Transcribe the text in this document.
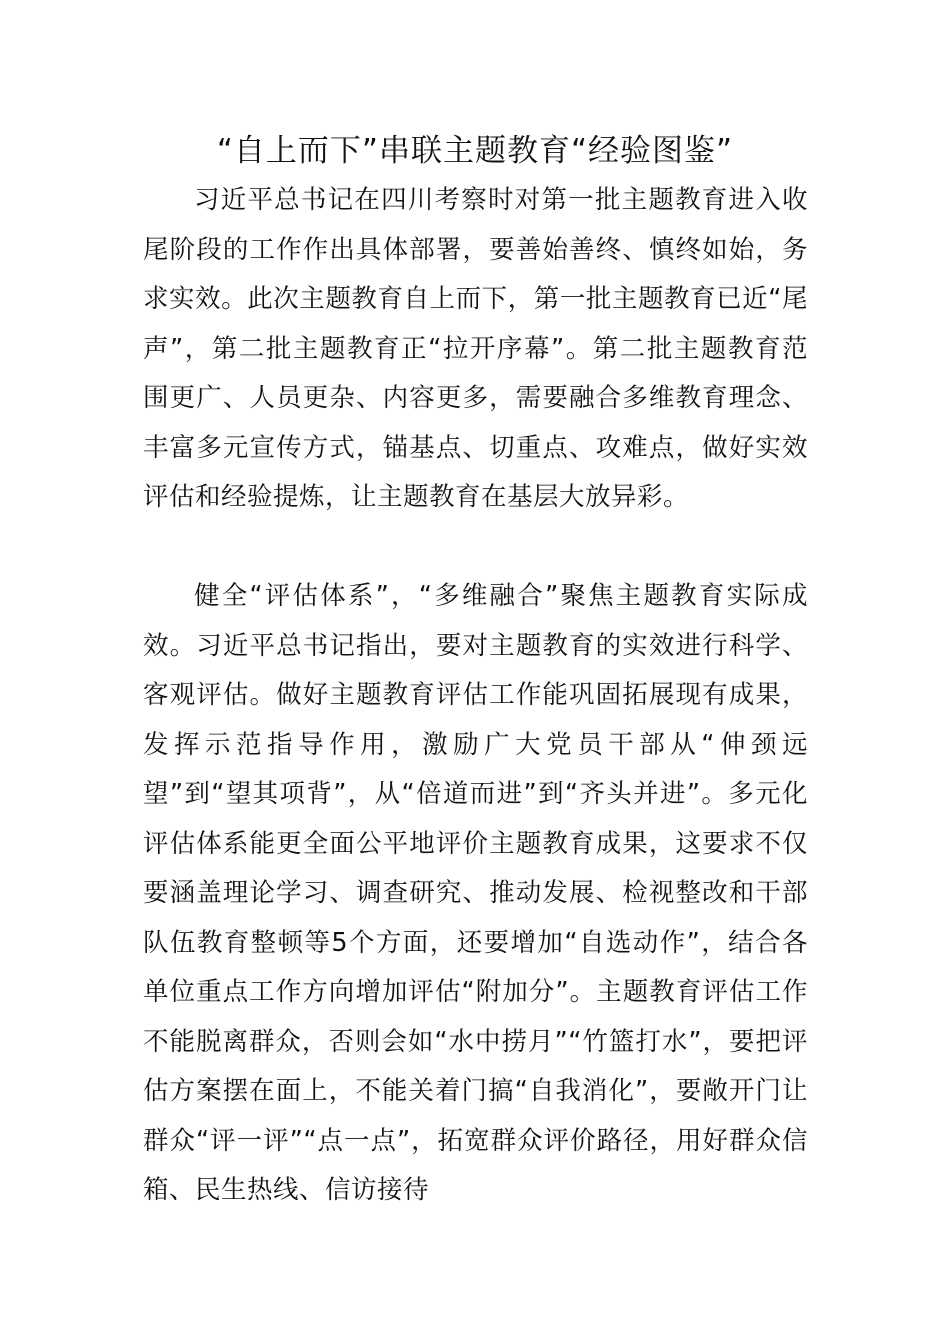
“自上而下”串联主题教育“经验图鉴”

习近平总书记在四川考察时对第一批主题教育进入收尾阶段的工作作出具体部署，要善始善终、慎终如始，务求实效。此次主题教育自上而下，第一批主题教育已近“尾声”，第二批主题教育正“拉开序幕”。第二批主题教育范围更广、人员更杂、内容更多，需要融合多维教育理念、丰富多元宣传方式，锚基点、切重点、攻难点，做好实效评估和经验提炼，让主题教育在基层大放异彩。

健全“评估体系”，“多维融合”聚焦主题教育实际成效。习近平总书记指出，要对主题教育的实效进行科学、客观评估。做好主题教育评估工作能巩固拓展现有成果，发挥示范指导作用，激励广大党员干部从“伸颈远望”到“望其项背”，从“倍道而进”到“齐头并进”。多元化评估体系能更全面公平地评价主题教育成果，这要求不仅要涵盖理论学习、调查研究、推动发展、检视整改和干部队伍教育整顿等5个方面，还要增加“自选动作”，结合各单位重点工作方向增加评估“附加分”。主题教育评估工作不能脱离群众，否则会如“水中捞月”“竹篮打水”，要把评估方案摆在面上，不能关着门搞“自我消化”，要敞开门让群众“评一评”“点一点”，拓宽群众评价路径，用好群众信箱、民生热线、信访接待
